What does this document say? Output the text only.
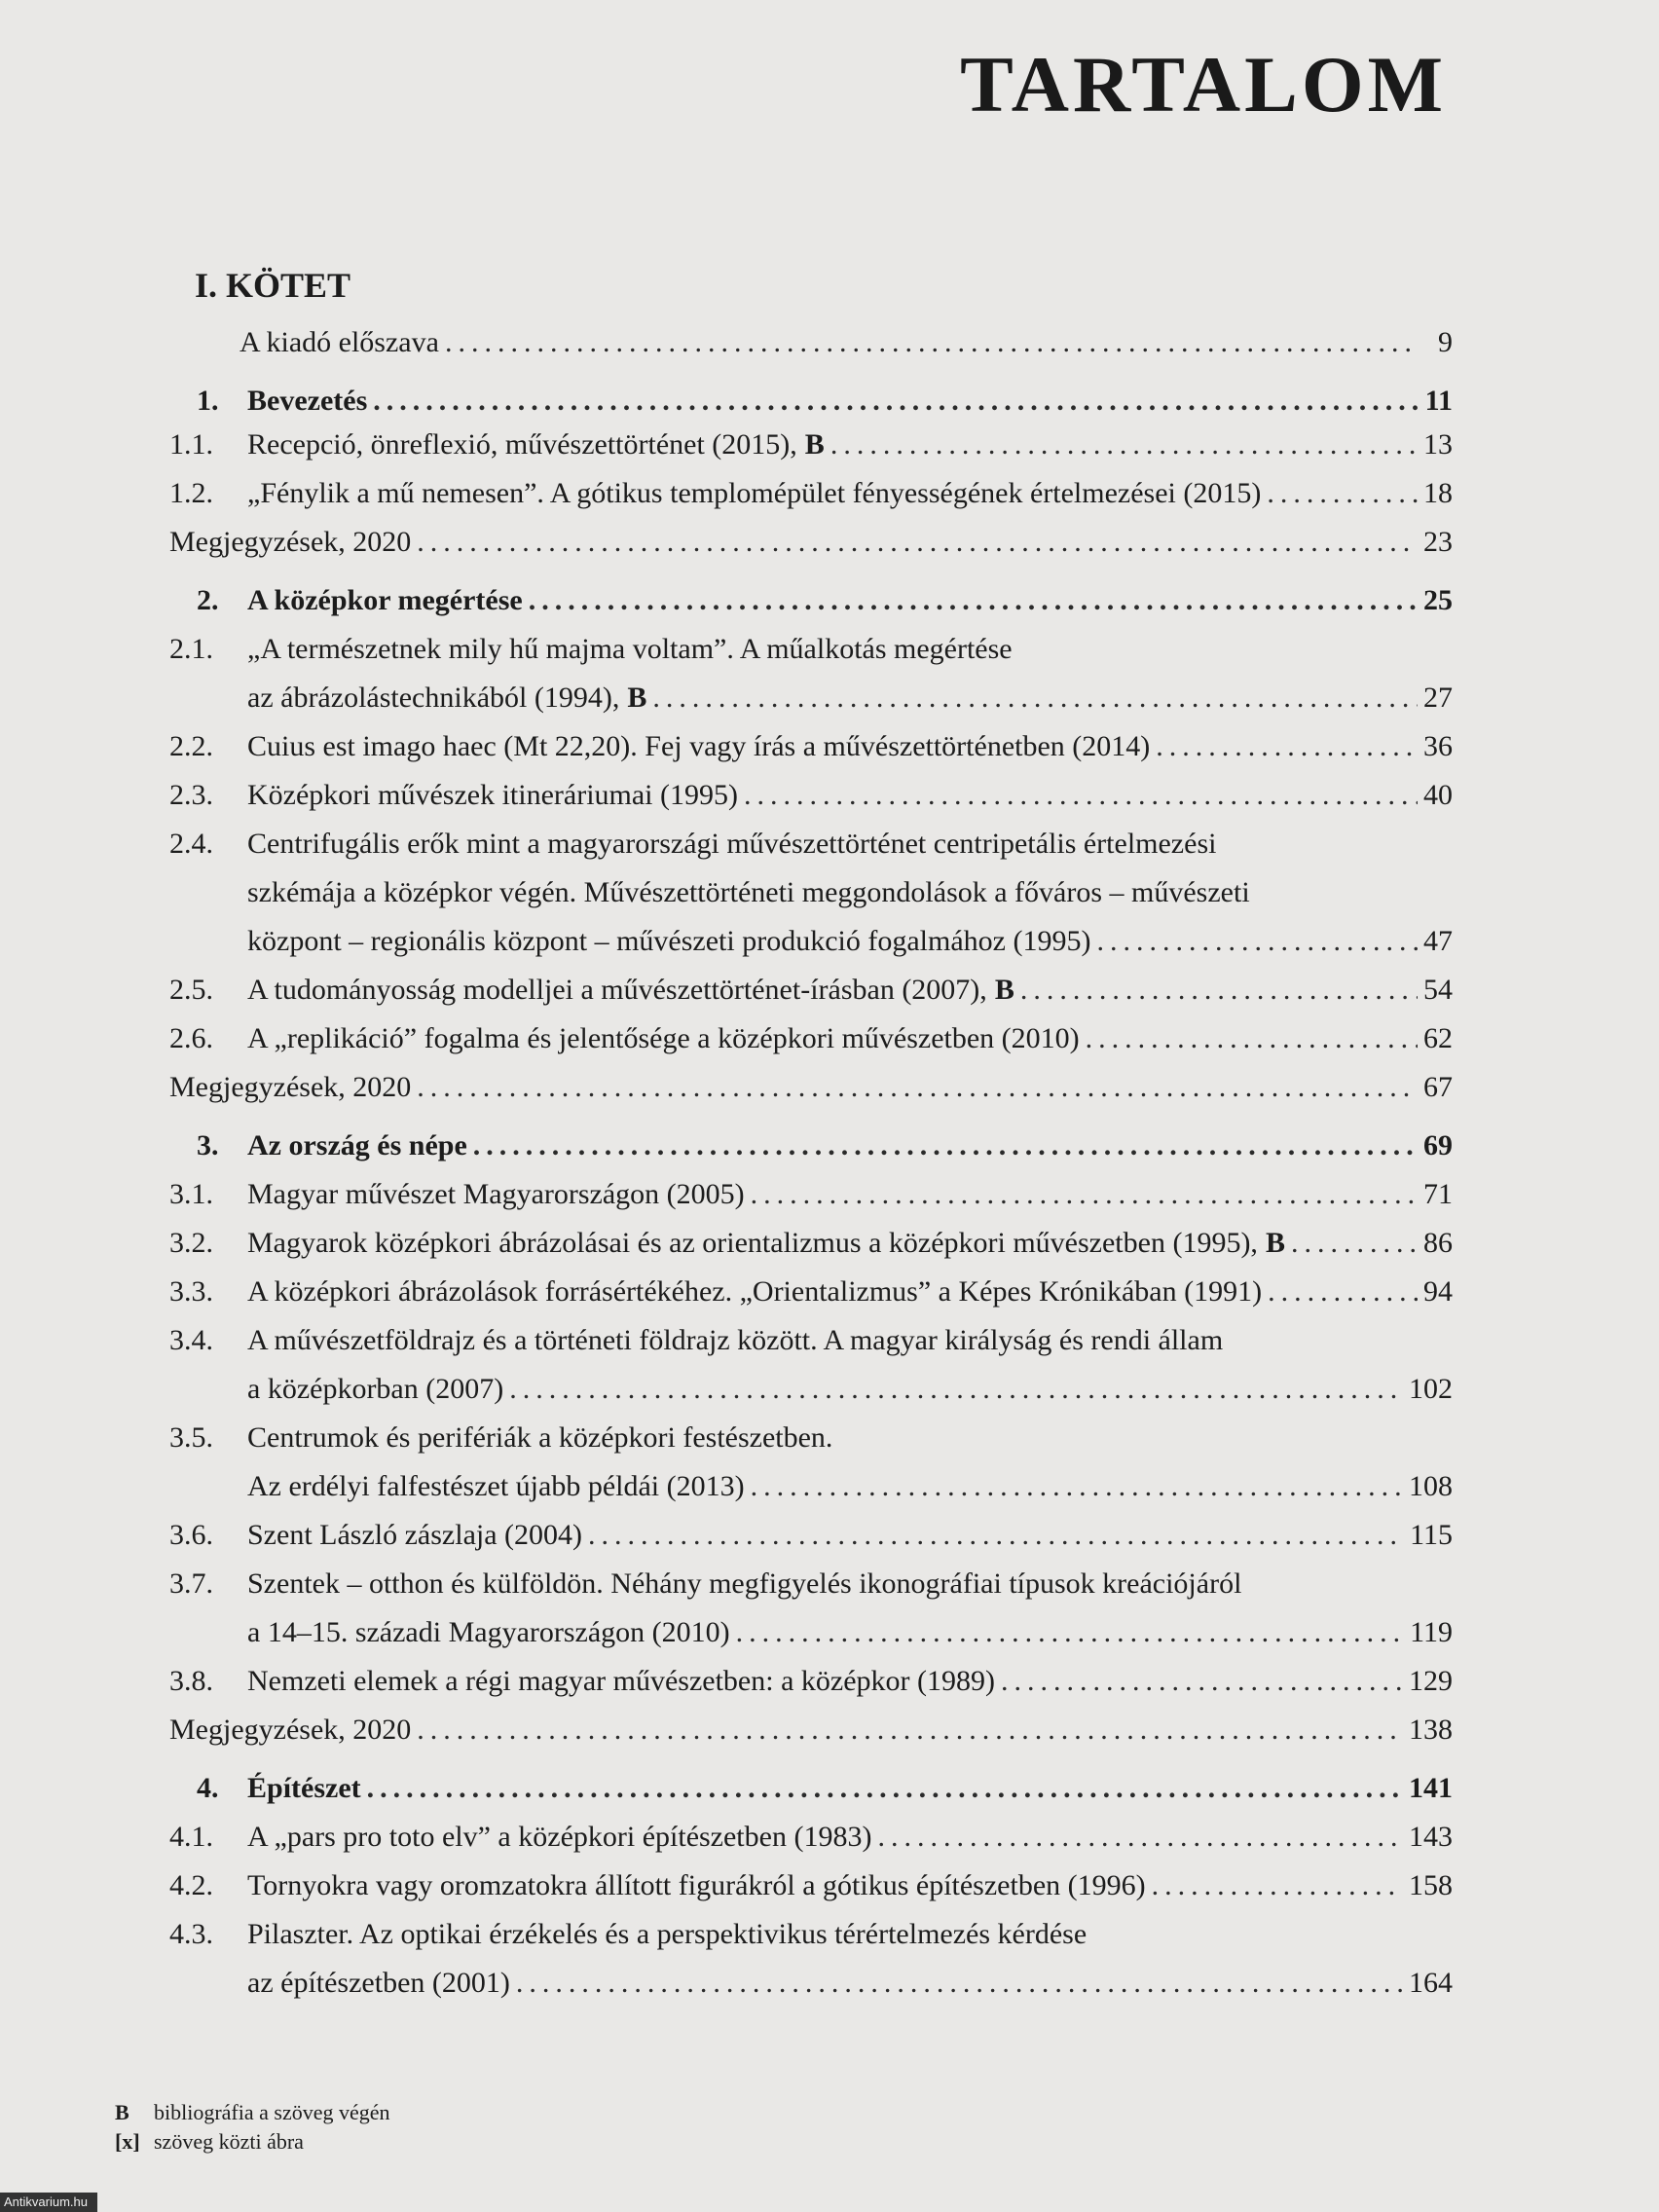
TARTALOM
I. KÖTET
A kiadó előszava .....	9
1. Bevezetés .....	11
1.1. Recepció, önreflexió, művészettörténet (2015), B .....	13
1.2. „Fénylik a mű nemesen”. A gótikus templomépület fényességének értelmezései (2015) .....	18
Megjegyzések, 2020 .....	23
2. A középkor megértése .....	25
2.1. „A természetnek mily hű majma voltam”. A műalkotás megértése
az ábrázolástechnikából (1994), B .....	27
2.2. Cuius est imago haec (Mt 22,20). Fej vagy írás a művészettörténetben (2014) .....	36
2.3. Középkori művészek itineráriumai (1995) .....	40
2.4. Centrifugális erők mint a magyarországi művészettörténet centripetális értelmezési
szkémája a középkor végén. Művészettörténeti meggondolások a főváros – művészeti
központ – regionális központ – művészeti produkció fogalmához (1995) .....	47
2.5. A tudományosság modelljei a művészettörténet-írásban (2007), B .....	54
2.6. A „replikáció” fogalma és jelentősége a középkori művészetben (2010) .....	62
Megjegyzések, 2020 .....	67
3. Az ország és népe .....	69
3.1. Magyar művészet Magyarországon (2005) .....	71
3.2. Magyarok középkori ábrázolásai és az orientalizmus a középkori művészetben (1995), B .....	86
3.3. A középkori ábrázolások forrásértékéhez. „Orientalizmus” a Képes Krónikában (1991) .....	94
3.4. A művészetföldrajz és a történeti földrajz között. A magyar királyság és rendi állam
a középkorban (2007) .....	102
3.5. Centrumok és perifériák a középkori festészetben.
Az erdélyi falfestészet újabb példái (2013) .....	108
3.6. Szent László zászlaja (2004) .....	115
3.7. Szentek – otthon és külföldön. Néhány megfigyelés ikonográfiai típusok kreációjáról
a 14–15. századi Magyarországon (2010) .....	119
3.8. Nemzeti elemek a régi magyar művészetben: a középkor (1989) .....	129
Megjegyzések, 2020 .....	138
4. Építészet .....	141
4.1. A „pars pro toto elv” a középkori építészetben (1983) .....	143
4.2. Tornyokra vagy oromzatokra állított figurákról a gótikus építészetben (1996) .....	158
4.3. Pilaszter. Az optikai érzékelés és a perspektivikus térértelmezés kérdése
az építészetben (2001) .....	164
B bibliográfia a szöveg végén
[x] szöveg közti ábra
Antikvarium.hu
